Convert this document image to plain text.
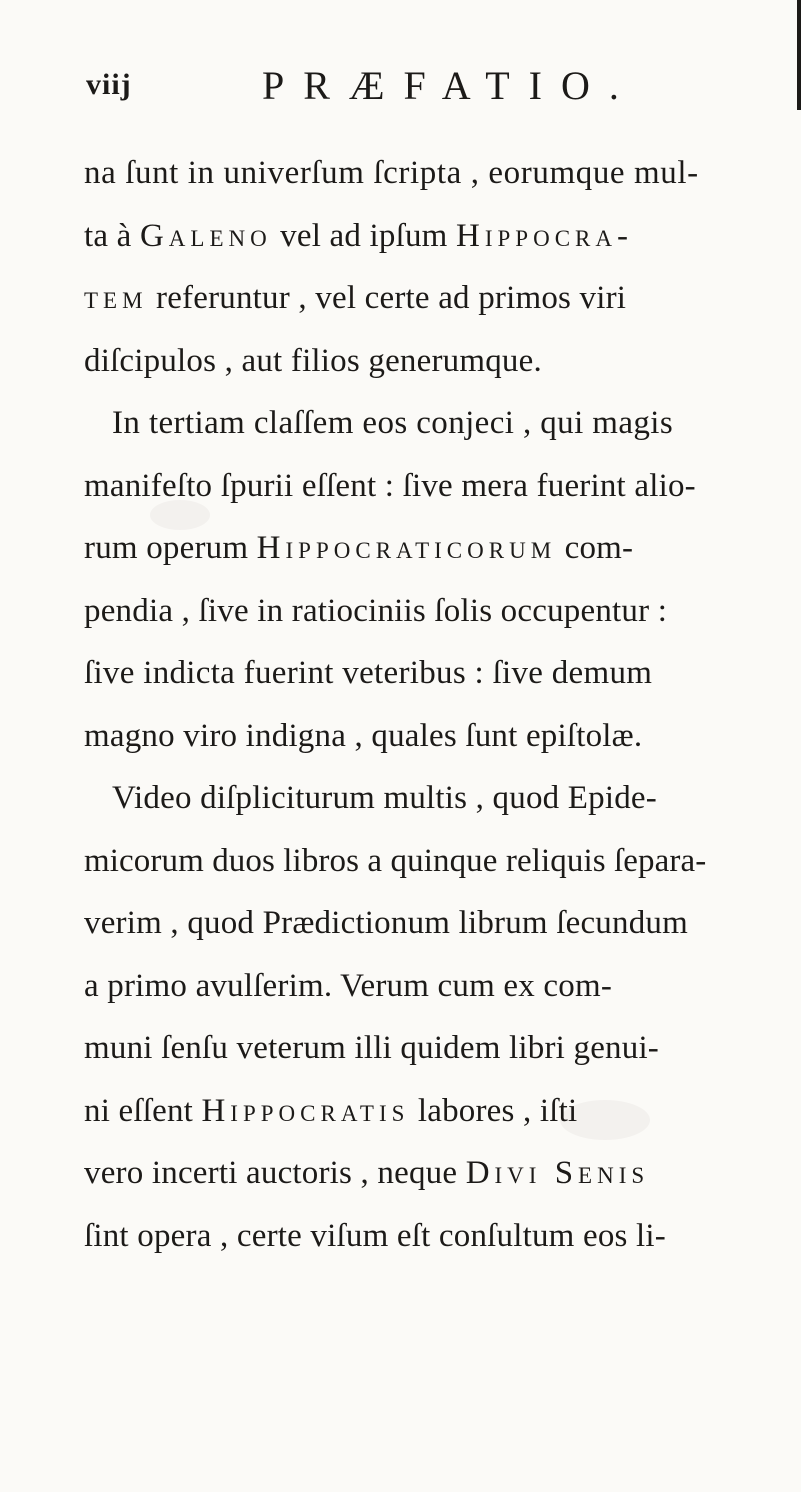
viij	PRÆFATIO.
na ſunt in univerſum ſcripta , eorumque mul-
ta à Galeno vel ad ipſum Hippocra-
tem referuntur , vel certe ad primos viri
diſcipulos , aut filios generumque.
In tertiam claſſem eos conjeci , qui magis
manifeſto ſpurii eſſent : ſive mera fuerint alio-
rum operum Hippocraticorum com-
pendia , ſive in ratiociniis ſolis occupentur :
ſive indicta fuerint veteribus : ſive demum
magno viro indigna , quales ſunt epiſtolæ.
Video diſpliciturum multis , quod Epide-
micorum duos libros a quinque reliquis ſepara-
verim , quod Prædictionum librum ſecundum
a primo avulſerim. Verum cum ex com-
muni ſenſu veterum illi quidem libri genui-
ni eſſent Hippocratis labores , iſti
vero incerti auctoris , neque Divi Senis
ſint opera , certe viſum eſt conſultum eos li-
